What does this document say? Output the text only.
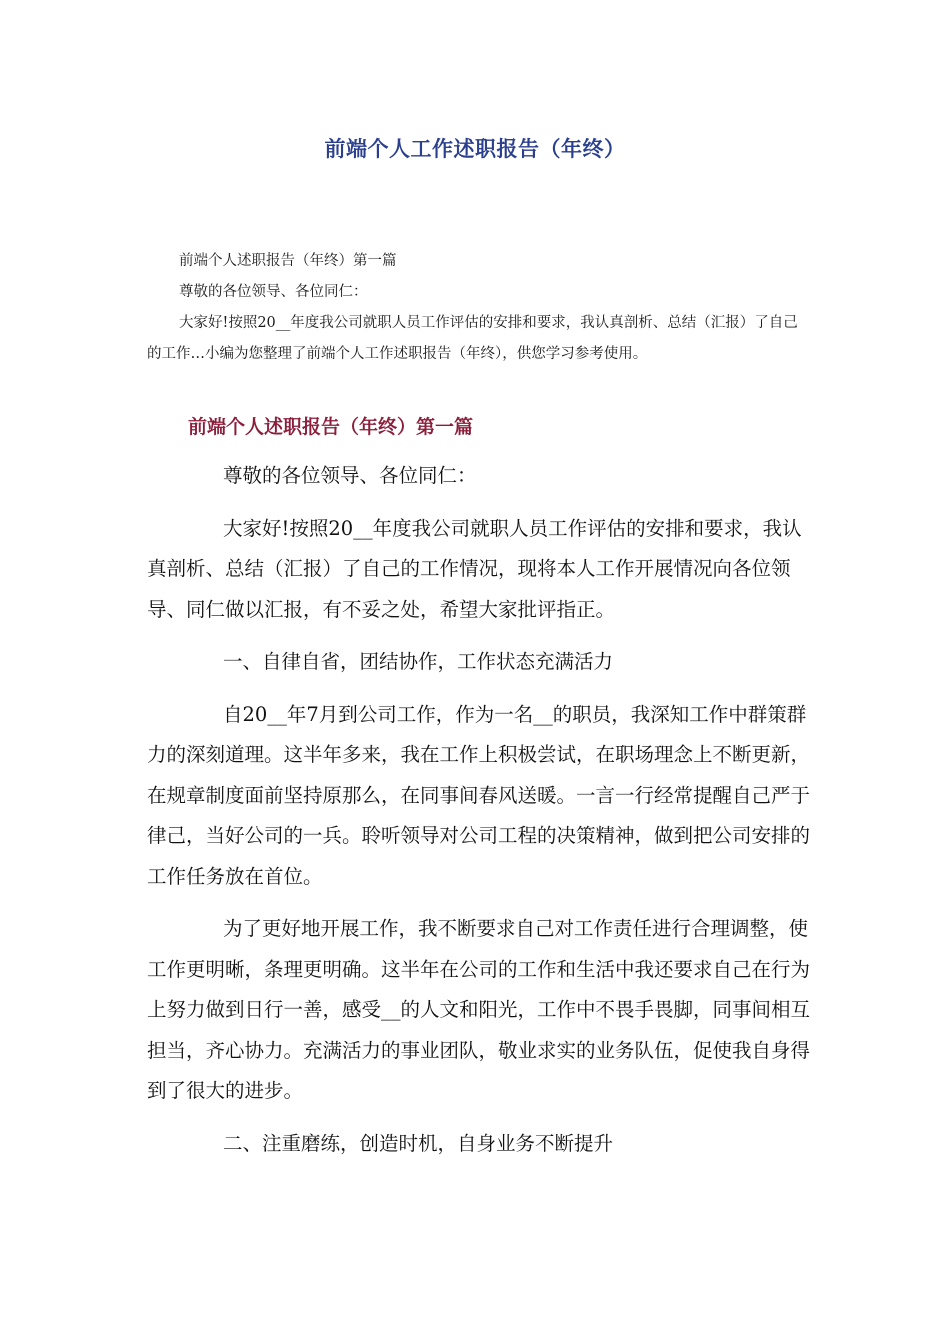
前端个人工作述职报告（年终）

前端个人述职报告（年终）第一篇

尊敬的各位领导、各位同仁：

大家好!按照20__年度我公司就职人员工作评估的安排和要求，我认真剖析、总结（汇报）了自己的工作…小编为您整理了前端个人工作述职报告（年终），供您学习参考使用。

前端个人述职报告（年终）第一篇

尊敬的各位领导、各位同仁：

大家好!按照20__年度我公司就职人员工作评估的安排和要求，我认真剖析、总结（汇报）了自己的工作情况，现将本人工作开展情况向各位领导、同仁做以汇报，有不妥之处，希望大家批评指正。

一、自律自省，团结协作，工作状态充满活力

自20__年7月到公司工作，作为一名__的职员，我深知工作中群策群力的深刻道理。这半年多来，我在工作上积极尝试，在职场理念上不断更新，在规章制度面前坚持原那么，在同事间春风送暖。一言一行经常提醒自己严于律己，当好公司的一兵。聆听领导对公司工程的决策精神，做到把公司安排的工作任务放在首位。

为了更好地开展工作，我不断要求自己对工作责任进行合理调整，使工作更明晰，条理更明确。这半年在公司的工作和生活中我还要求自己在行为上努力做到日行一善，感受__的人文和阳光，工作中不畏手畏脚，同事间相互担当，齐心协力。充满活力的事业团队，敬业求实的业务队伍，促使我自身得到了很大的进步。

二、注重磨练，创造时机，自身业务不断提升
